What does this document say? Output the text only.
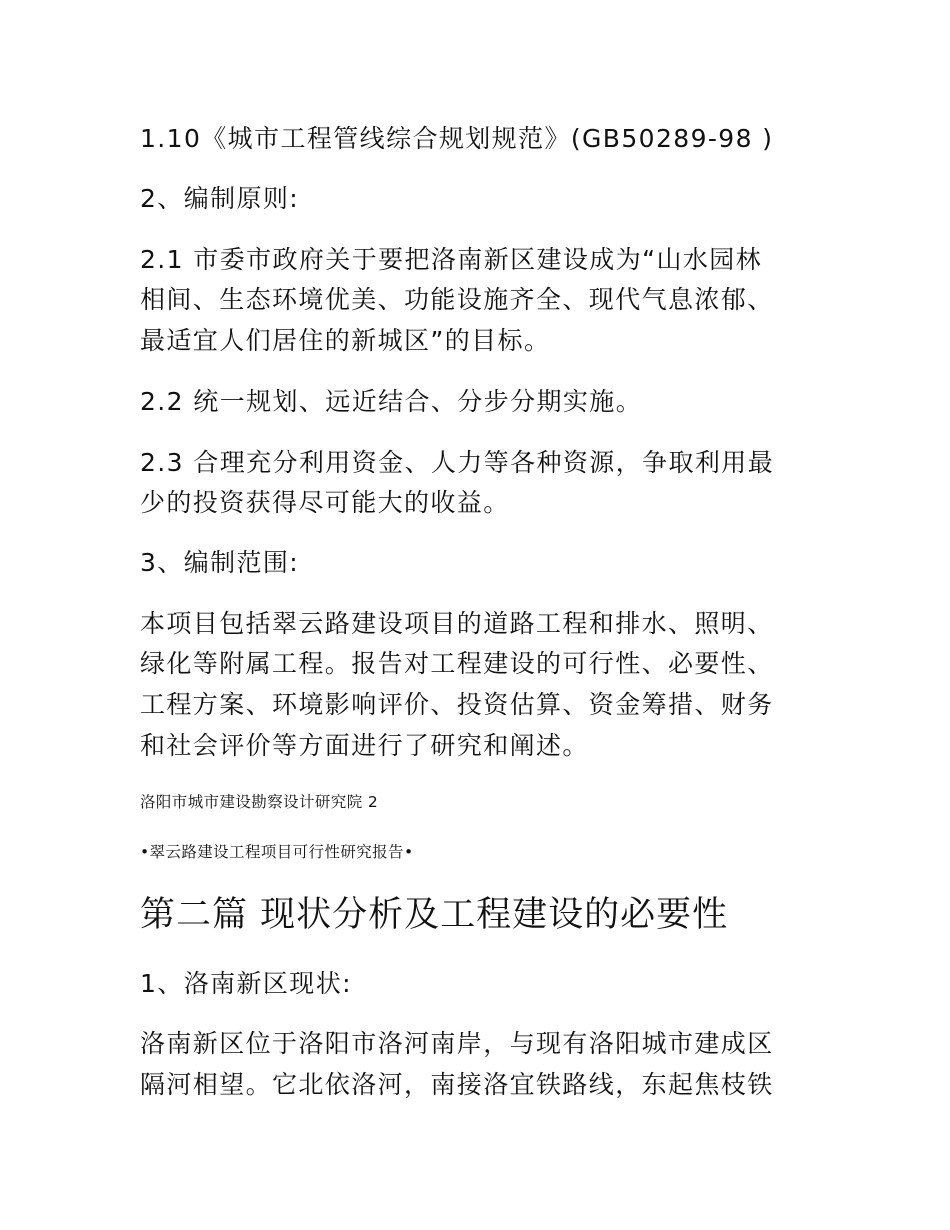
1.10《城市工程管线综合规划规范》(GB50289-98 )
2、编制原则:
2.1 市委市政府关于要把洛南新区建设成为“山水园林
相间、生态环境优美、功能设施齐全、现代气息浓郁、
最适宜人们居住的新城区”的目标。
2.2 统一规划、远近结合、分步分期实施。
2.3 合理充分利用资金、人力等各种资源，争取利用最
少的投资获得尽可能大的收益。
3、编制范围:
本项目包括翠云路建设项目的道路工程和排水、照明、
绿化等附属工程。报告对工程建设的可行性、必要性、
工程方案、环境影响评价、投资估算、资金筹措、财务
和社会评价等方面进行了研究和阐述。
洛阳市城市建设勘察设计研究院 2
•翠云路建设工程项目可行性研究报告•
第二篇 现状分析及工程建设的必要性
1、洛南新区现状:
洛南新区位于洛阳市洛河南岸，与现有洛阳城市建成区
隔河相望。它北依洛河，南接洛宜铁路线，东起焦枝铁
